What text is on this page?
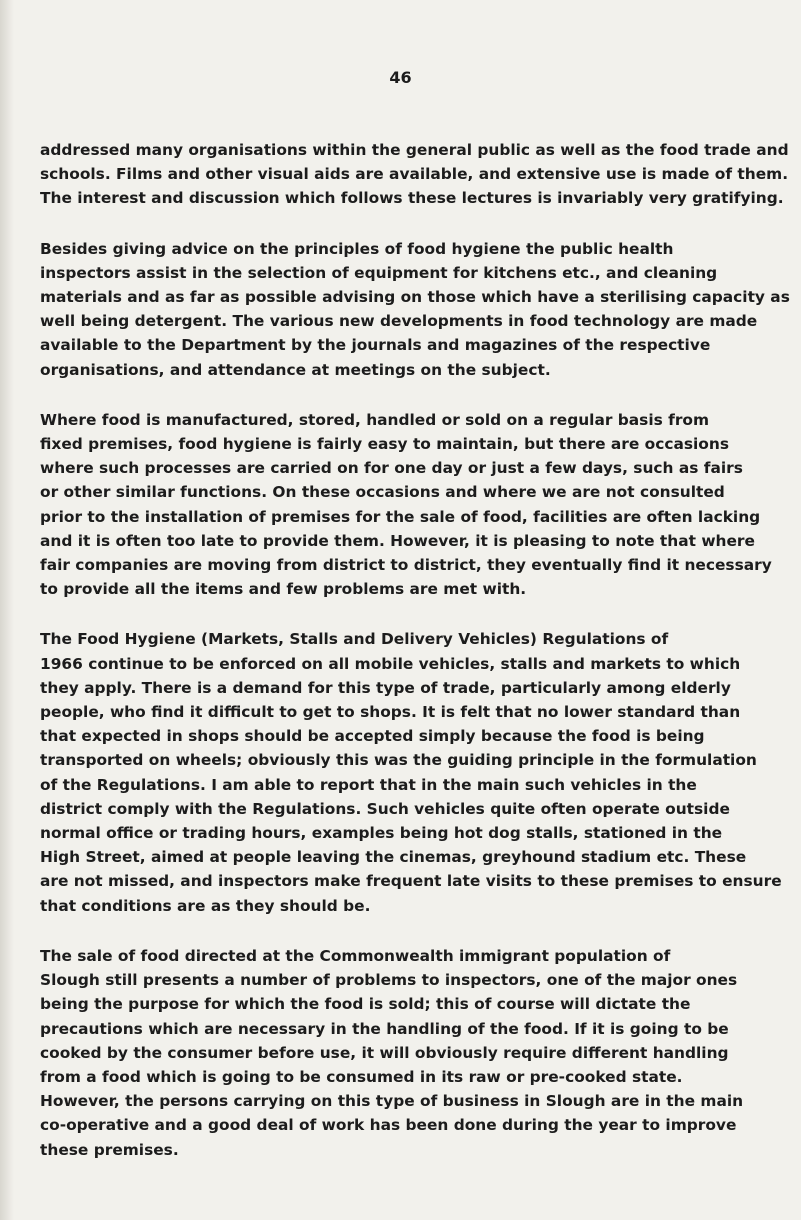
46
addressed many organisations within the general public as well as the food trade and
schools. Films and other visual aids are available, and extensive use is made of them.
The interest and discussion which follows these lectures is invariably very gratifying.
Besides giving advice on the principles of food hygiene the public health
inspectors assist in the selection of equipment for kitchens etc., and cleaning
materials and as far as possible advising on those which have a sterilising capacity as
well being detergent. The various new developments in food technology are made
available to the Department by the journals and magazines of the respective
organisations, and attendance at meetings on the subject.
Where food is manufactured, stored, handled or sold on a regular basis from
fixed premises, food hygiene is fairly easy to maintain, but there are occasions
where such processes are carried on for one day or just a few days, such as fairs
or other similar functions. On these occasions and where we are not consulted
prior to the installation of premises for the sale of food, facilities are often lacking
and it is often too late to provide them. However, it is pleasing to note that where
fair companies are moving from district to district, they eventually find it necessary
to provide all the items and few problems are met with.
The Food Hygiene (Markets, Stalls and Delivery Vehicles) Regulations of
1966 continue to be enforced on all mobile vehicles, stalls and markets to which
they apply. There is a demand for this type of trade, particularly among elderly
people, who find it difficult to get to shops. It is felt that no lower standard than
that expected in shops should be accepted simply because the food is being
transported on wheels; obviously this was the guiding principle in the formulation
of the Regulations. I am able to report that in the main such vehicles in the
district comply with the Regulations. Such vehicles quite often operate outside
normal office or trading hours, examples being hot dog stalls, stationed in the
High Street, aimed at people leaving the cinemas, greyhound stadium etc. These
are not missed, and inspectors make frequent late visits to these premises to ensure
that conditions are as they should be.
The sale of food directed at the Commonwealth immigrant population of
Slough still presents a number of problems to inspectors, one of the major ones
being the purpose for which the food is sold; this of course will dictate the
precautions which are necessary in the handling of the food. If it is going to be
cooked by the consumer before use, it will obviously require different handling
from a food which is going to be consumed in its raw or pre-cooked state.
However, the persons carrying on this type of business in Slough are in the main
co-operative and a good deal of work has been done during the year to improve
these premises.
